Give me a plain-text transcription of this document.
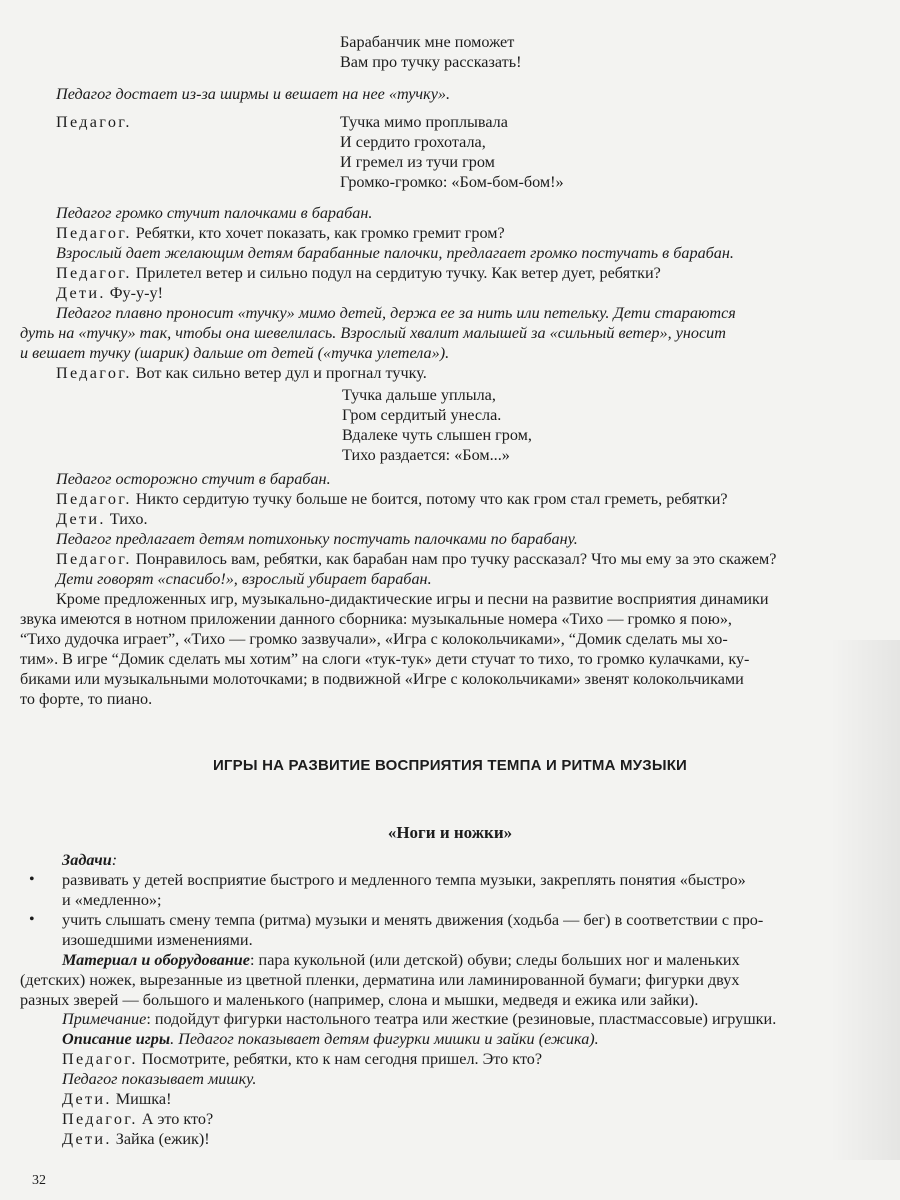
Барабанчик мне поможет
Вам про тучку рассказать!
Педагог достает из-за ширмы и вешает на нее «тучку».
Педагог.	Тучка мимо проплывала
И сердито грохотала,
И гремел из тучи гром
Громко-громко: «Бом-бом-бом!»
Педагог громко стучит палочками в барабан.
Педагог. Ребятки, кто хочет показать, как громко гремит гром?
Взрослый дает желающим детям барабанные палочки, предлагает громко постучать в барабан.
Педагог. Прилетел ветер и сильно подул на сердитую тучку. Как ветер дует, ребятки?
Дети. Фу-у-у!
Педагог плавно проносит «тучку» мимо детей, держа ее за нить или петельку. Дети стараются
дуть на «тучку» так, чтобы она шевелилась. Взрослый хвалит малышей за «сильный ветер», уносит
и вешает тучку (шарик) дальше от детей («тучка улетела»).
Педагог. Вот как сильно ветер дул и прогнал тучку.
Тучка дальше уплыла,
Гром сердитый унесла.
Вдалеке чуть слышен гром,
Тихо раздается: «Бом...»
Педагог осторожно стучит в барабан.
Педагог. Никто сердитую тучку больше не боится, потому что как гром стал греметь, ребятки?
Дети. Тихо.
Педагог предлагает детям потихоньку постучать палочками по барабану.
Педагог. Понравилось вам, ребятки, как барабан нам про тучку рассказал? Что мы ему за это скажем?
Дети говорят «спасибо!», взрослый убирает барабан.
Кроме предложенных игр, музыкально-дидактические игры и песни на развитие восприятия динамики
звука имеются в нотном приложении данного сборника: музыкальные номера «Тихо — громко я пою»,
“Тихо дудочка играет”, «Тихо — громко зазвучали», «Игра с колокольчиками», “Домик сделать мы хо-
тим». В игре “Домик сделать мы хотим” на слоги «тук-тук» дети стучат то тихо, то громко кулачками, ку-
биками или музыкальными молоточками; в подвижной «Игре с колокольчиками» звенят колокольчиками
то форте, то пиано.
ИГРЫ НА РАЗВИТИЕ ВОСПРИЯТИЯ ТЕМПА И РИТМА МУЗЫКИ
«Ноги и ножки»
Задачи:
• развивать у детей восприятие быстрого и медленного темпа музыки, закреплять понятия «быстро»
и «медленно»;
• учить слышать смену темпа (ритма) музыки и менять движения (ходьба — бег) в соответствии с про-
изошедшими изменениями.
Материал и оборудование: пара кукольной (или детской) обуви; следы больших ног и маленьких
(детских) ножек, вырезанные из цветной пленки, дерматина или ламинированной бумаги; фигурки двух
разных зверей — большого и маленького (например, слона и мышки, медведя и ежика или зайки).
Примечание: подойдут фигурки настольного театра или жесткие (резиновые, пластмассовые) игрушки.
Описание игры. Педагог показывает детям фигурки мишки и зайки (ежика).
Педагог. Посмотрите, ребятки, кто к нам сегодня пришел. Это кто?
Педагог показывает мишку.
Дети. Мишка!
Педагог. А это кто?
Дети. Зайка (ежик)!
32
